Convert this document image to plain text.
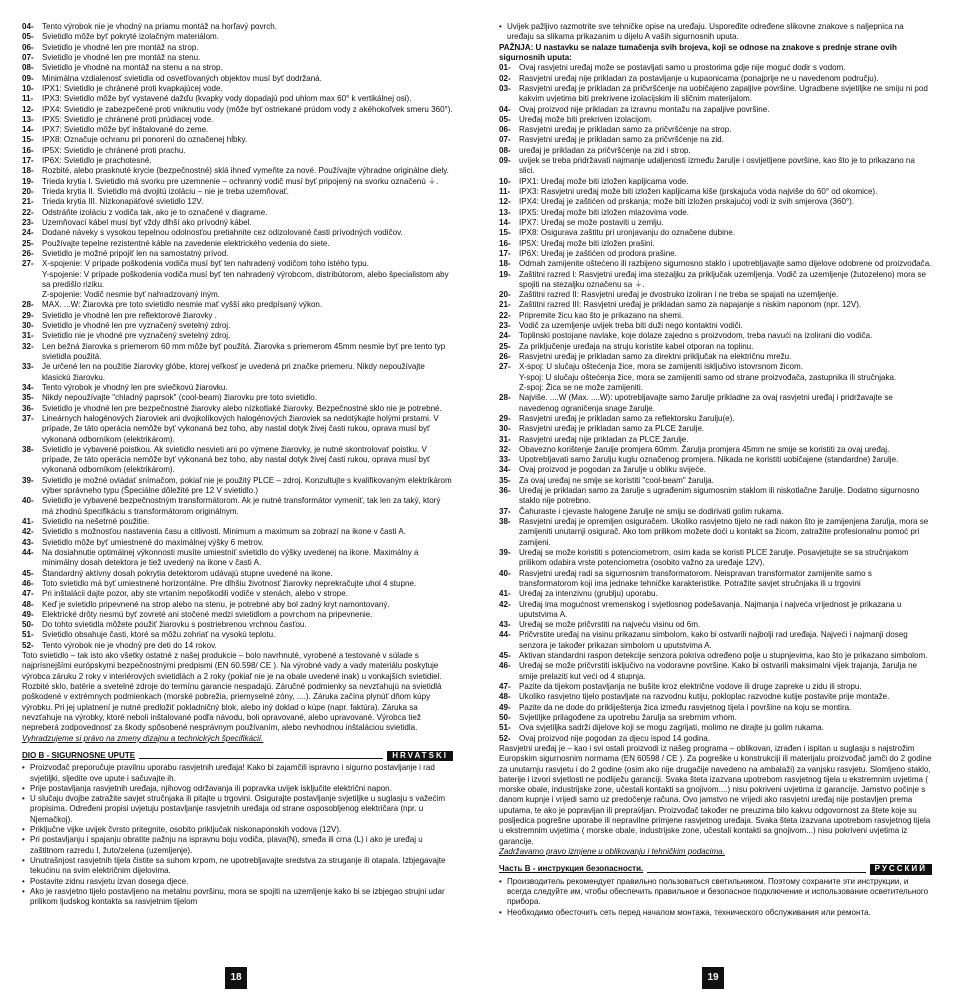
04-	Tento výrobok nie je vhodný na priamu montáž na horľavý povrch.
05-	Svietidlo môže byť pokryté izolačným materiálom.
06-	Svietidlo je vhodné len pre montáž na strop.
07-	Svietidlo je vhodné len pre montáž na stenu.
08-	Svietidlo je vhodné na montáž na stenu a na strop.
09-	Minimálna vzdialenosť svietidla od osvetľovaných objektov musí byť dodržaná.
10-	IPX1: Svietidlo je chránené proti kvapkajúcej vode.
11-	IPX3: Svietidlo môže byť vystavené dažďu (kvapky vody dopadajú pod uhlom max 60° k vertikálnej osi).
12-	IPX4: Svietidlo je zabezpečené proti vniknutiu vody (môže byť ostriekané prúdom vody z akéhokoľvek smeru 360°).
13-	IPX5: Svietidlo je chránené proti prúdiacej vode.
14-	IPX7: Svietidlo môže byť inštalované do zeme.
15-	IPX8: Označuje ochranu pri ponorení do označenej hĺbky.
16-	IP5X: Svietidlo je chránené proti prachu.
17-	IP6X: Svietidlo je prachotesné.
18-	Rozbité, alebo prasknuté krycie (bezpečnostné) sklá ihneď vymeňte za nové. Používajte výhradne originálne diely.
19-	Trieda krytia I. Svietidlo má svorku pre uzemnenie – ochranný vodič musí byť pripojený na svorku označenú ⏚.
20-	Trieda krytia II. Svietidlo má dvojitú izoláciu – nie je treba uzemňovať.
21-	Trieda krytia III. Nízkonapäťové svietidlo 12V.
22-	Odstráňte izoláciu z vodiča tak, ako je to označené v diagrame.
23-	Uzemňovací kábel musí byť vždy dlhší ako prívodný kábel.
24-	Dodané náveky s vysokou tepelnou odolnosťou pretiahnite cez odizolované časti prívodných vodičov.
25-	Používajte tepelne rezistentné káble na zavedenie elektrického vedenia do siete.
26-	Svietidlo je možné pripojiť len na samostatný prívod.
27-	X-spojenie: V prípade poškodenia vodiča musí byť ten nahradený vodičom toho istého typu.
Y-spojenie: V prípade poškodenia vodiča musí byť ten nahradený výrobcom, distribútorom, alebo špecialistom aby sa predišlo riziku.
Z-spojenie: Vodič nesmie byť nahradzovaný iným.
28-	MAX. ...W: Žiarovka pre toto svietidlo nesmie mať vyšší ako predpísaný výkon.
29-	Svietidlo je vhodné len pre reflektorové žiarovky .
30-	Svietidlo je vhodné len pre vyznačený svetelný zdroj.
31-	Svietidlo nie je vhodné pre vyznačený svetelný zdroj.
32-	Len bežná žiarovka s priemerom 60 mm môže byť použitá. Žiarovka s priemerom 45mm nesmie byť pre tento typ svietidla použitá.
33-	Je určené len na použitie žiarovky glóbe, ktorej veľkosť je uvedená pri značke priemeru. Nikdy nepoužívajte klasickú žiarovku.
34-	Tento výrobok je vhodný len pre sviečkovú žiarovku.
35-	Nikdy nepoužívajte "chladný paprsok" (cool-beam) žiarovku pre toto svietidlo.
36-	Svietidlo je vhodné len pre bezpečnostné žiarovky alebo nízkotlaké žiarovky. Bezpečnostné sklo nie je potrebné.
37-	Lineárnych halogénových žiaroviek ani dvojkolíkových halogénových žiaroviek sa nedotýkajte holými prstami. V prípade, že táto operácia nemôže byť vykonaná bez toho, aby nastal dotyk živej časti rukou, oprava musí byť vykonaná odborníkom (elektrikárom).
38-	Svietidlo je vybavené poistkou. Ak svietidlo nesvieti ani po výmene žiarovky, je nutné skontrolovať poistku. V prípade, že táto operácia nemôže byť vykonaná bez toho, aby nastal dotyk živej časti rukou, oprava musí byť vykonaná odborníkom (elektrikárom).
39-	Svietidlo je možné ovládať snímačom, pokiaľ nie je použitý PLCE – zdroj. Konzultujte s kvalifikovaným elektrikárom výber správneho typu (Špeciálne dôležité pre 12 V svietidlo.)
40-	Svietidlo je vybavené bezpečnostným transformátorom. Ak je nutné transformátor vymeniť, tak len za taký, ktorý má zhodnú špecifikáciu s transformátorom originálnym.
41-	Svietidlo na nešetrné použitie.
42-	Svietidlo s možnosťou nastavenia času a citlivosti. Minimum a maximum sa zobrazí na ikone v časti A.
43-	Svietidlo môže byť umiestnené do maximálnej výšky 6 metrov.
44-	Na dosiahnutie optimálnej výkonnosti musíte umiestniť svietidlo do výšky uvedenej na ikone. Maximálny a minimálny dosah detektora je tiež uvedený na ikone v časti A.
45-	Štandardný aktívny dosah pokrytia detektorom udávajú stupne uvedené na ikone.
46-	Toto svietidlo má byť umiestnené horizontálne. Pre dlhšiu životnosť žiarovky neprekračujte uhol 4 stupne.
47-	Pri inštalácii dajte pozor, aby ste vrtaním nepoškodili vodiče v stenách, alebo v strope.
48-	Keď je svietidlo pripevnené na strop alebo na stenu, je potrebné aby bol zadný kryt namontovaný.
49-	Elektrické drôty nesmú byť zovreté ani stočené medzi svietidlom a povrchom na pripevnenie.
50-	Do tohto svietidla môžete použiť žiarovku s postriebrenou vrchnou časťou.
51-	Svietidlo obsahuje časti, ktoré sa môžu zohriať na vysokú teplotu.
52-	Tento výrobok nie je vhodný pre deti do 14 rokov.
Toto svietidlo – tak isto ako všetky ostatné z našej produkcie – bolo navrhnuté, vyrobené a testované v súlade s najprísnejšími európskymi bezpečnostnými predpismi (EN 60.598/ CE ). Na výrobné vady a vady materiálu poskytuje výrobca záruku 2 roky v interiérových svietidlách a 2 roky (pokiaľ nie je na obale uvedené inak) u vonkajších svietidiel. Rozbité sklo, batérie a svetelné zdroje do termínu garancie nespadajú. Záručné podmienky sa nevzťahujú na svietidlá poškodené v extrémnych podmienkach (morské pobrežia, priemyselné zóny, ....). Záruka začína plynúť dňom kúpy výrobku. Pri jej uplatnení je nutné predložiť pokladničný blok, alebo iný doklad o kúpe (napr. faktúra). Záruka sa nevzťahuje na výrobky, ktoré neboli inštalované podľa návodu, boli opravované, alebo upravované. Výrobca tiež nepreberá zodpovednosť za škody spôsobené nesprávnym používaním, alebo nevhodnou inštaláciou svietidla.
Vyhradzujeme si právo na zmeny dizajnu a technických špecifikácií.
DIO B - SIGURNOSNE UPUTE	HRVATSKI
• Proizvođač preporučuje pravilnu uporabu rasvjetnih uređaja! Kako bi zajamčili ispravno i sigurno postavljanje i rad svjetiljki, sljedite ove upute i sačuvajte ih.
• Prije postavljanja rasvjetnih uređaja, njihovog održavanja ili popravka uvijek isključite električni napon.
• U slučaju dvojbe zatražite savjet stručnjaka ili pitajte u trgovini. Osigurajte postavljanje svjetiljke u suglasju s važećim propisima. Određeni propisi uvjetuju postavljanje rasvjetnih uređaja od strane osposobljenog električara (npr. u Njemačkoj).
• Priključne vijke uvijek čvrsto pritegnite, osobito priključak niskonaponskih vodova (12V).
• Pri postavljanju i spajanju obratite pažnju na ispravnu boju vodiča, plava(N), smeđa ili crna (L) i ako je uređaj u zaštitnom razredu I, žuto/zelena (uzemljenje).
• Unutrašnjost rasvjetnih tijela čistite sa suhom krpom, ne upotrebljavajte sredstva za struganje ili otapala. Izbjegavajte tekućinu na svim električnim dijelovima.
• Postavite zidnu rasvjetu izvan dosega djece.
• Ako je rasvjetno tijelo postavljeno na metalnu površinu, mora se spojiti na uzemljenje kako bi se izbjegao strujni udar prilikom ljudskog kontakta sa rasvjetnim tijelom
18
• Uvijek pažljivo razmotrite sve tehničke opise na uređaju. Uspoređite određene slikovne znakove s naljepnica na uređaju sa slikama prikazanim u dijelu A vaših sigurnosnih uputa.
PAŽNJA: U nastavku se nalaze tumačenja svih brojeva, koji se odnose na znakove s prednje strane ovih sigurnosnih uputa:
01-	Ovaj rasvjetni uređaj može se postavljati samo u prostorima gdje nije moguć dodir s vodom.
02-	Rasvjetni uređaj nije prikladan za postavljanje u kupaonicama (ponajprije ne u navedenom području).
03-	Rasvjetni uređaj je prikladan za pričvršćenje na uobičajeno zapaljive površine. Ugradbene svjetiljke ne smiju ni pod kakvim uvjetima biti prekrivene izolacijskim ili sličnim materijalom.
04-	Ovaj proizvod nije prikladan za izravnu montažu na zapaljive površine.
05-	Uređaj može biti prekriven izolacijom.
06-	Rasvjetni uređaj je prikladan samo za pričvršćenje na strop.
07-	Rasvjetni uređaj je prikladan samo za pričvršćenje na zid.
08-	uređaj je prikladan za pričvršćenje na zid i strop.
09-	uvijek se treba pridržavati najmanje udaljenosti između žarulje i osvijetljene površine, kao što je to prikazano na slici.
10-	IPX1: Uređaj može biti izložen kapljicama vode.
11-	IPX3: Rasvjetni uređaj može biti izložen kapljicama kiše (prskajuća voda najviše do 60° od okomice).
12-	IPX4: Uređaj je zaštićen od prskanja; može biti izložen prskajućoj vodi iz svih smjerova (360°).
13-	IPX5: Uređaj može biti izložen mlazovima vode.
14-	IPX7: Uređaj se može postaviti u zemlju.
15-	IPX8: Osigurava zaštitu pri uronjavanju do označene dubine.
16-	IP5X: Uređaj može biti izložen prašini.
17-	IP6X: Uređaj je zaštićen od prodora prašine.
18-	Odmah zamijenite oštećeno ili razbijeno sigurnosno staklo i upotrebljavajte samo dijelove odobrene od proizvođača.
19-	Zaštitni razred I: Rasvjetni uređaj ima stezaljku za priključak uzemljenja. Vodič za uzemljenje (žutozeleno) mora se spojiti na stezaljku označenu sa ⏚.
20-	Zaštitni razred II: Rasvjetni uređaj je dvostruko izoliran i ne treba se spajati na uzemljenje.
21-	Zaštitni razred III: Rasvjetni uređaj je prikladan samo za napajanje s niskim naponom (npr. 12V).
22-	Pripremite žicu kao što je prikazano na shemi.
23-	Vodič za uzemljenje uvijek treba biti duži nego kontaktni vodiči.
24-	Toplinski postojane navlake, koje dolaze zajedno s proizvodom, treba navući na izolirani dio vodiča.
25-	Za priključenje uređaja na struju koristite kabel otporan na toplinu.
26-	Rasvjetni uređaj je prikladan samo za direktni priključak na električnu mrežu.
27-	X-spoj: U slučaju oštećenja žice, mora se zamijeniti isključivo istovrsnom žicom.
Y-spoj: U slučaju oštećenja žice, mora se zamijeniti samo od strane proizvođača, zastupnika ili stručnjaka.
Z-spoj: Žica se ne može zamijeniti.
28-	Najviše. ....W (Max. ....W): upotrebljavajte samo žarulje prikladne za ovaj rasvjetni uređaj i pridržavajte se navedenog ograničenja snage žarulje.
29-	Rasvjetni uređaj je prikladan samo za reflektorsku žarulju(e).
30-	Rasvjetni uređaj je prikladan samo za PLCE žarulje.
31-	Rasvjetni uređaj nije prikladan za PLCE žarulje.
32-	Obavezno korištenje žarulje promjera 60mm. Žarulja promjera 45mm ne smije se koristiti za ovaj uređaj.
33-	Upotrebljavati samo žarulju kuglu označenog promjera. Nikada ne koristiti uobičajene (standardne) žarulje.
34-	Ovaj proizvod je pogodan za žarulje u obliku svijeće.
35-	Za ovaj uređaj ne smije se koristiti "cool-beam" žarulja.
36-	Uređaj je prikladan samo za žarulje s ugrađenim sigurnosnim staklom ili niskotlačne žarulje. Dodatno sigurnosno staklo nije potrebno.
37-	Čahuraste i cjevaste halogene žarulje ne smiju se dodirivati golim rukama.
38-	Rasvjetni uređaj je opremljen osiguračem. Ukoliko rasvjetno tijelo ne radi nakon što je zamijenjena žarulja, mora se zamijeniti unutarnji osigurač. Ako tom prilikom možete doći u kontakt sa žicom, zatražite profesionalnu pomoć pri zamijeni.
39-	Uređaj se može koristiti s potenciometrom, osim kada se koristi PLCE žarulje. Posavjetujte se sa stručnjakom prilikom odabira vrste potenciometra (osobito važno za uređaje 12V).
40-	Rasvjetni uređaj radi sa sigurnosnim transformatorom. Neispravan transformator zamijenite samo s transformatorom koji ima jednake tehničke karakteristike. Potražite savjet stručnjaka ili u trgovini
41-	Uređaj za intenzivnu (grublju) uporabu.
42-	Uređaj ima mogućnost vremenskog i svjetlosnog podešavanja. Najmanja i najveća vrijednost je prikazana u uputstvima A.
43-	Uređaj se može pričvrstiti na najveću visinu od 6m.
44-	Pričvrstite uređaj na visinu prikazanu simbolom, kako bi ostvarili najbolji rad uređaja. Najveći i najmanji doseg senzora je također prikazan simbolom u uputstvima A.
45-	Aktivan standardni raspon detekcije senzora pokriva određeno polje u stupnjevima, kao što je prikazano simbolom.
46-	Uređaj se može pričvrstiti isključivo na vodoravne površine. Kako bi ostvarili maksimalni vijek trajanja, žarulja ne smije prelaziti kut veći od 4 stupnja.
47-	Pazite da tijekom postavljanja ne bušite kroz električne vodove ili druge zapreke u zidu ili stropu.
48-	Ukoliko rasvjetno tijelo postavljate na razvodnu kutiju, pokloplac razvodne kutije postavite prije montaže.
49-	Pazite da ne dode do prikliještenja žica između rasvjetnog tijela i površine na koju se montira.
50-	Svjetiljke prilagođene za upotrebu žarulja sa srebrnim vrhom.
51-	Ova svjetiljka sadrži dijelove koji se mogu zagrijati, molimo ne dirajte ju golim rukama.
52-	Ovaj proizvod nije pogodan za djecu ispod 14 godina.
Rasvjetni uređaj je – kao i svi ostali proizvodi iz našeg programa – oblikovan, izrađen i ispitan u suglasju s najstrožim Europskim sigurnosnim normama (EN 60598 / CE ). Za pogreške u konstrukciji ili materijalu proizvođač jamči do 2 godine za unutarnju rasvjetu i do 2 godine (osim ako nije drugačije navedeno na ambalaži) za vanjsku rasvjetu. Slomljeno staklo, baterije i izvori svjetlosti ne podliježu garanciji. Svaka šteta izazvana upotrebom rasvjetnog tijela u ekstremnim uvjetima ( morske obale, industrijske zone, učestali kontakti sa gnojivom....) nisu pokriveni uvjetima iz garancije. Jamstvo počinje s danom kupnje i vrijedi samo uz predočenje računa. Ovo jamstvo ne vrijedi ako rasvjetni uređaj nije postavljen prema uputama, te ako je popravljan ili preprav̀ljan. Proizvođač također ne preuzima bilo kakvu odgovornost za štete koje su posljedica pogrešne uporabe ili nepravilne primjene rasvjetnog uređaja. Svaka šteta izazvana upotrebom rasvjetnog tijela u ekstremnim uvjetima ( morske obale, industrijske zone, učestali kontakti sa gnojivom...) nisu pokriveni uvjetima iz garancije.
Zadržavamo pravo izmjene u oblikovanju i tehničkim podacima.
Часть B - инструкция безопасности.	РУССКИЙ
• Производитель рекомендует правильно пользоваться светильником. Поэтому сохраните эти инструкции, и всегда следуйте им, чтобы обеспечить правильное и безопасное подключение и использование осветительного прибора.
• Необходимо обесточить сеть перед началом монтажа, технического обслуживания или ремонта.
19
